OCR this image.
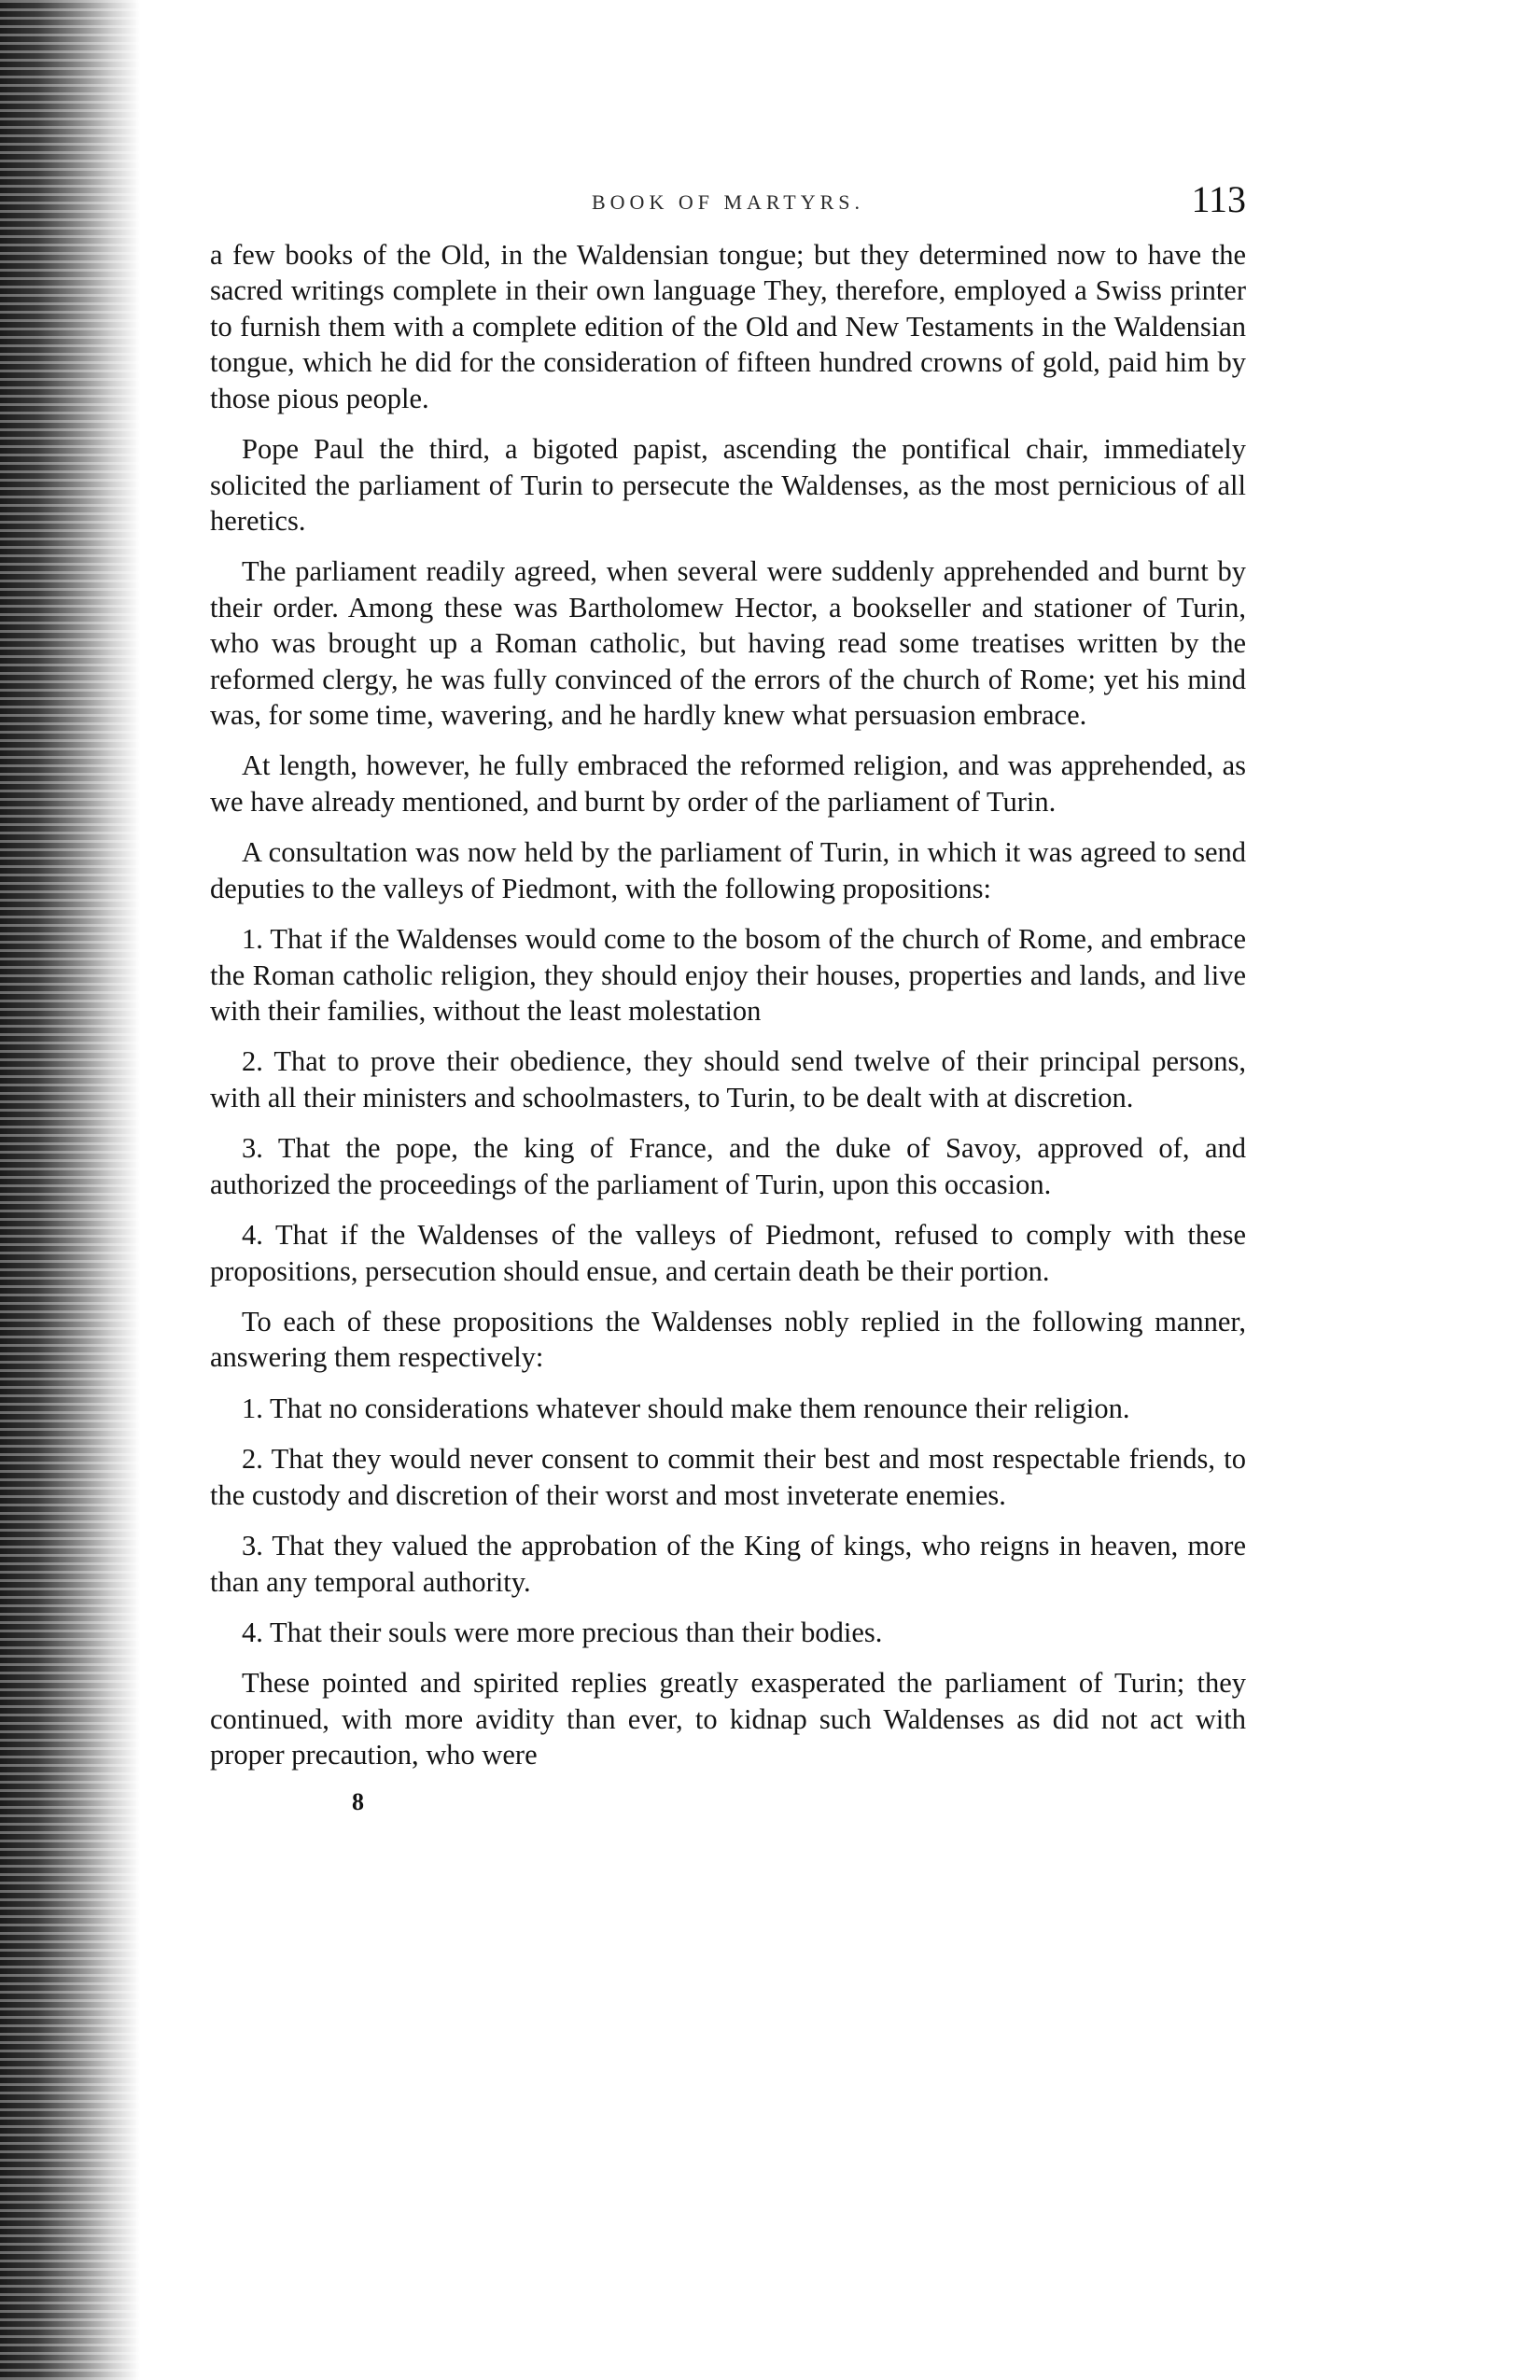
BOOK OF MARTYRS.	113

a few books of the Old, in the Waldensian tongue; but they determined now to have the sacred writings complete in their own language They, therefore, employed a Swiss printer to furnish them with a complete edition of the Old and New Testaments in the Waldensian tongue, which he did for the consideration of fifteen hundred crowns of gold, paid him by those pious people.

Pope Paul the third, a bigoted papist, ascending the pontifical chair, immediately solicited the parliament of Turin to persecute the Waldenses, as the most pernicious of all heretics.

The parliament readily agreed, when several were suddenly apprehended and burnt by their order. Among these was Bartholomew Hector, a bookseller and stationer of Turin, who was brought up a Roman catholic, but having read some treatises written by the reformed clergy, he was fully convinced of the errors of the church of Rome; yet his mind was, for some time, wavering, and he hardly knew what persuasion embrace.

At length, however, he fully embraced the reformed religion, and was apprehended, as we have already mentioned, and burnt by order of the parliament of Turin.

A consultation was now held by the parliament of Turin, in which it was agreed to send deputies to the valleys of Piedmont, with the following propositions:

1. That if the Waldenses would come to the bosom of the church of Rome, and embrace the Roman catholic religion, they should enjoy their houses, properties and lands, and live with their families, without the least molestation

2. That to prove their obedience, they should send twelve of their principal persons, with all their ministers and schoolmasters, to Turin, to be dealt with at discretion.

3. That the pope, the king of France, and the duke of Savoy, approved of, and authorized the proceedings of the parliament of Turin, upon this occasion.

4. That if the Waldenses of the valleys of Piedmont, refused to comply with these propositions, persecution should ensue, and certain death be their portion.

To each of these propositions the Waldenses nobly replied in the following manner, answering them respectively:

1. That no considerations whatever should make them renounce their religion.

2. That they would never consent to commit their best and most respectable friends, to the custody and discretion of their worst and most inveterate enemies.

3. That they valued the approbation of the King of kings, who reigns in heaven, more than any temporal authority.

4. That their souls were more precious than their bodies.

These pointed and spirited replies greatly exasperated the parliament of Turin; they continued, with more avidity than ever, to kidnap such Waldenses as did not act with proper precaution, who were

8
